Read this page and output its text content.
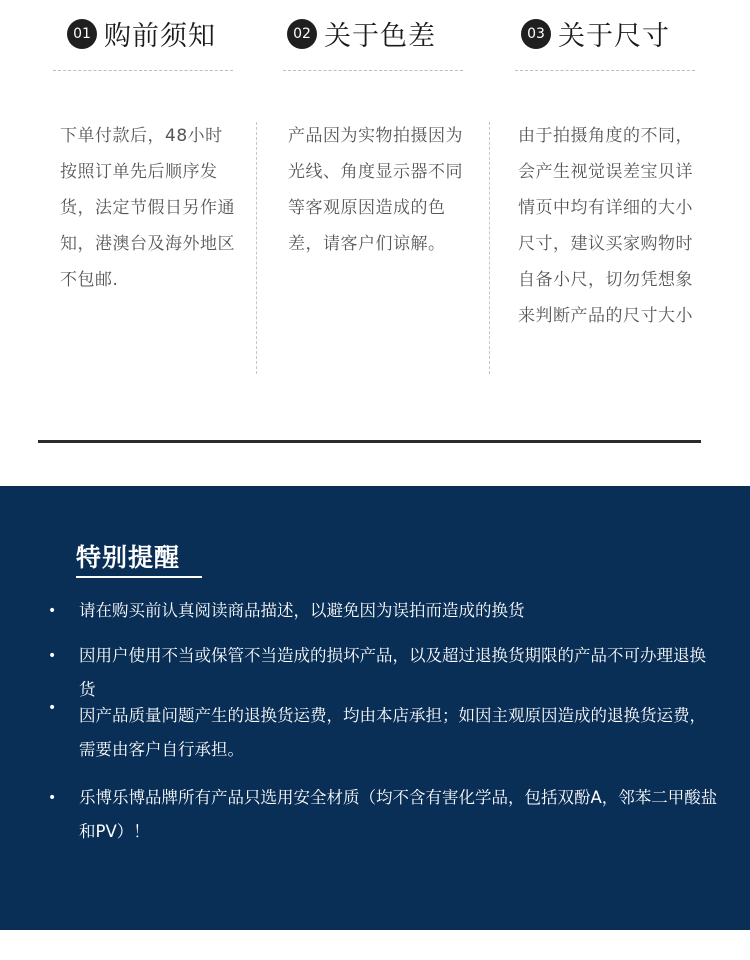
01 购前须知
下单付款后，48小时按照订单先后顺序发货，法定节假日另作通知，港澳台及海外地区不包邮.
02 关于色差
产品因为实物拍摄因为光线、角度显示器不同等客观原因造成的色差，请客户们谅解。
03 关于尺寸
由于拍摄角度的不同，会产生视觉误差宝贝详情页中均有详细的大小尺寸，建议买家购物时自备小尺，切勿凭想象来判断产品的尺寸大小
特别提醒
• 请在购买前认真阅读商品描述，以避免因为误拍而造成的换货
• 因用户使用不当或保管不当造成的损坏产品，以及超过退换货期限的产品不可办理退换货
• 因产品质量问题产生的退换货运费，均由本店承担；如因主观原因造成的退换货运费，需要由客户自行承担。
• 乐博乐博品牌所有产品只选用安全材质（均不含有害化学品，包括双酚A，邻苯二甲酸盐和PV）！
